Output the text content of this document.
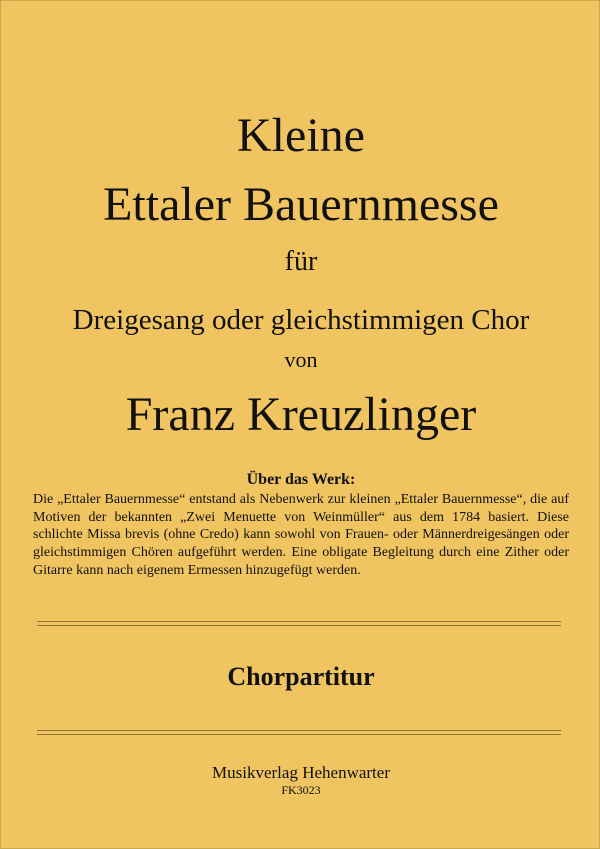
Kleine
Ettaler Bauernmesse
für
Dreigesang oder gleichstimmigen Chor
von
Franz Kreuzlinger
Über das Werk:
Die „Ettaler Bauernmesse“ entstand als Nebenwerk zur kleinen „Ettaler Bauernmesse“, die auf Motiven der bekannten „Zwei Menuette von Weinmüller“ aus dem 1784 basiert. Diese schlichte Missa brevis (ohne Credo) kann sowohl von Frauen- oder Männerdreigesängen oder gleichstimmigen Chören aufgeführt werden. Eine obligate Begleitung durch eine Zither oder Gitarre kann nach eigenem Ermessen hinzugefügt werden.
Chorpartitur
Musikverlag Hehenwarter
FK3023
